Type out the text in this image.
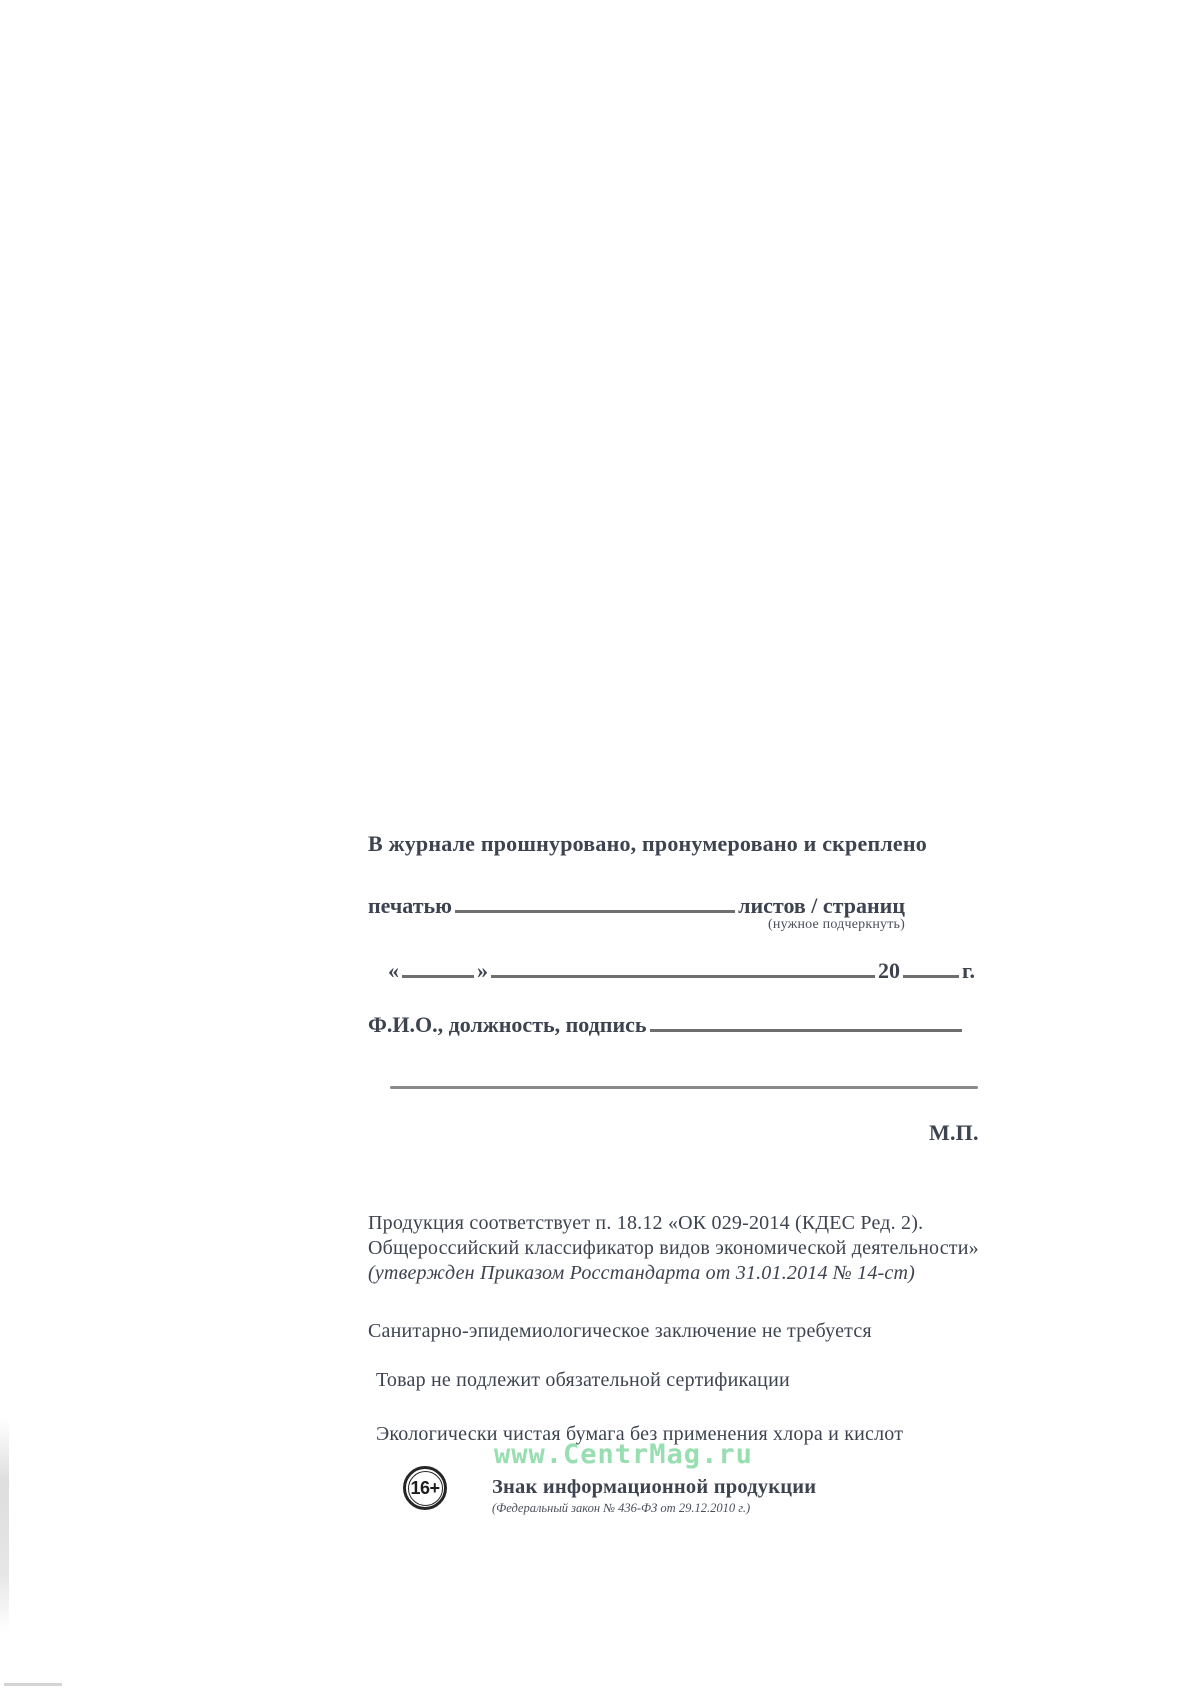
В журнале прошнуровано, пронумеровано и скреплено
печатью	листов / страниц
(нужное подчеркнуть)
«	»	20	г.
Ф.И.О., должность, подпись
М.П.
Продукция соответствует п. 18.12 «ОК 029-2014 (КДЕС Ред. 2).
Общероссийский классификатор видов экономической деятельности»
(утвержден Приказом Росстандарта от 31.01.2014 № 14-ст)
Санитарно-эпидемиологическое заключение не требуется
Товар не подлежит обязательной сертификации
Экологически чистая бумага без применения хлора и кислот
www.CentrMag.ru
16+	Знак информационной продукции
(Федеральный закон № 436-ФЗ от 29.12.2010 г.)
